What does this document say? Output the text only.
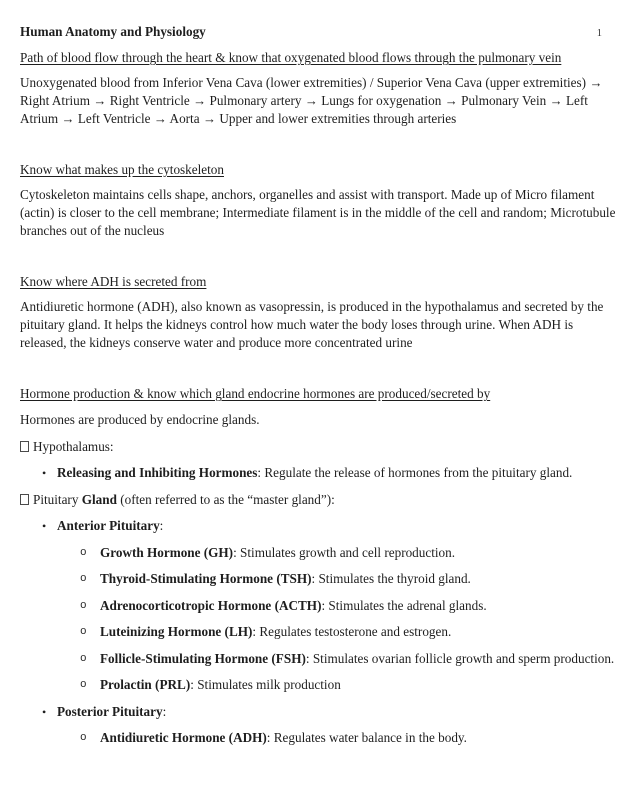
1
Human Anatomy and Physiology
Path of blood flow through the heart & know that oxygenated blood flows through the pulmonary vein

Unoxygenated blood from Inferior Vena Cava (lower extremities) / Superior Vena Cava (upper extremities) → Right Atrium → Right Ventricle → Pulmonary artery → Lungs for oxygenation → Pulmonary Vein → Left Atrium → Left Ventricle → Aorta → Upper and lower extremities through arteries

Know what makes up the cytoskeleton

Cytoskeleton maintains cells shape, anchors, organelles and assist with transport. Made up of Micro filament (actin) is closer to the cell membrane; Intermediate filament is in the middle of the cell and random; Microtubule branches out of the nucleus

Know where ADH is secreted from

Antidiuretic hormone (ADH), also known as vasopressin, is produced in the hypothalamus and secreted by the pituitary gland. It helps the kidneys control how much water the body loses through urine. When ADH is released, the kidneys conserve water and produce more concentrated urine

Hormone production & know which gland endocrine hormones are produced/secreted by

Hormones are produced by endocrine glands.

Hypothalamus:
• Releasing and Inhibiting Hormones: Regulate the release of hormones from the pituitary gland.
Pituitary Gland (often referred to as the “master gland”):
• Anterior Pituitary:
o Growth Hormone (GH): Stimulates growth and cell reproduction.
o Thyroid-Stimulating Hormone (TSH): Stimulates the thyroid gland.
o Adrenocorticotropic Hormone (ACTH): Stimulates the adrenal glands.
o Luteinizing Hormone (LH): Regulates testosterone and estrogen.
o Follicle-Stimulating Hormone (FSH): Stimulates ovarian follicle growth and sperm production.
o Prolactin (PRL): Stimulates milk production
• Posterior Pituitary:
o Antidiuretic Hormone (ADH): Regulates water balance in the body.
